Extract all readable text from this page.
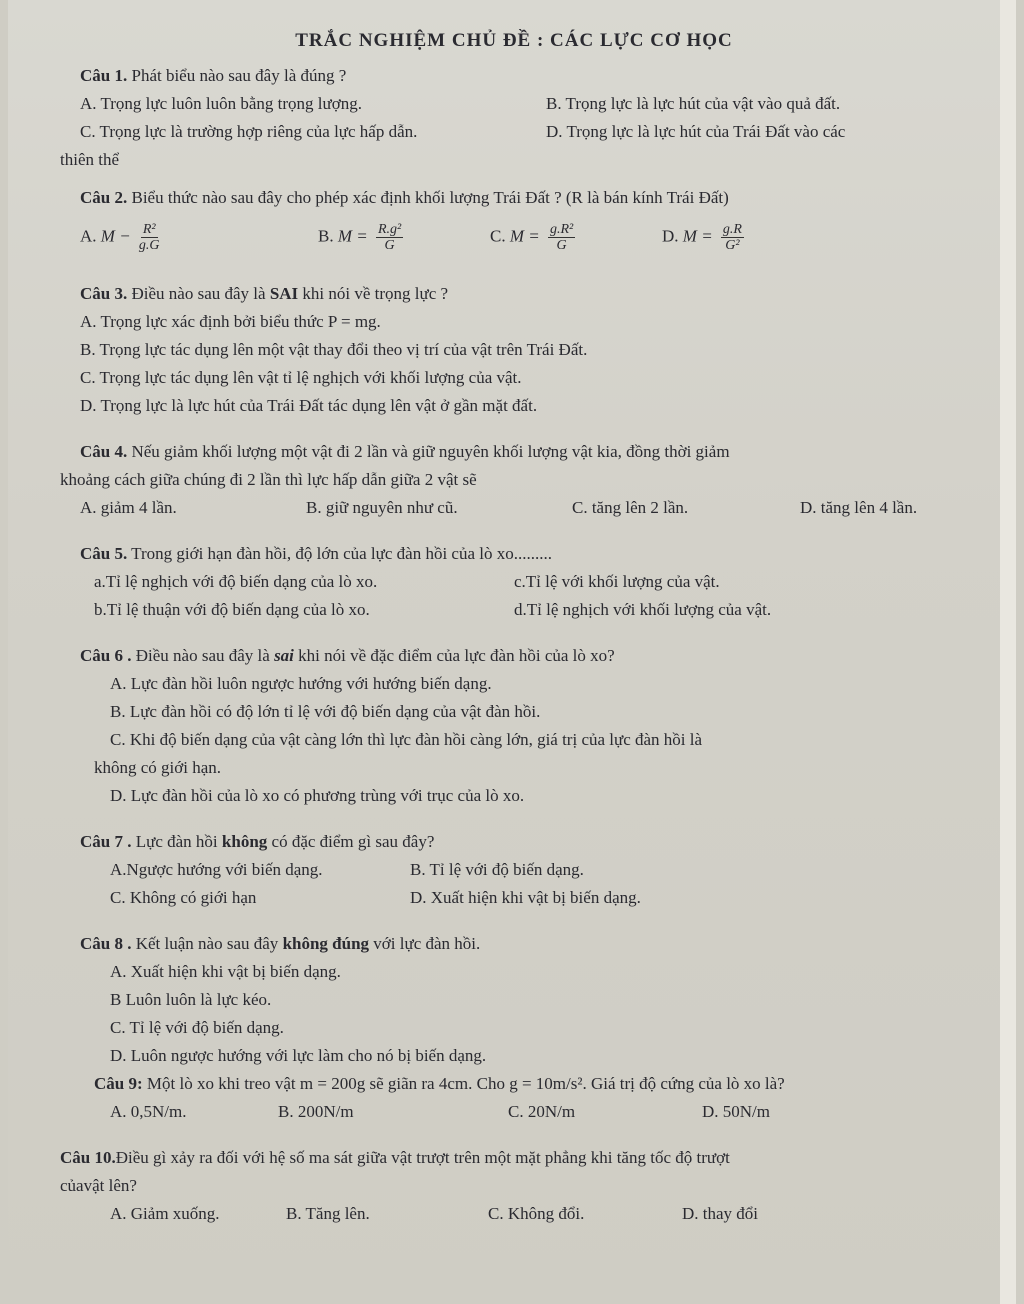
TRẮC NGHIỆM CHỦ ĐỀ : CÁC LỰC CƠ HỌC
Câu 1. Phát biểu nào sau đây là đúng ?
A. Trọng lực luôn luôn bằng trọng lượng.	B. Trọng lực là lực hút của vật vào quả đất.
C. Trọng lực là trường hợp riêng của lực hấp dẫn.	D. Trọng lực là lực hút của Trái Đất vào các
thiên thể
Câu 2. Biểu thức nào sau đây cho phép xác định khối lượng Trái Đất ? (R là bán kính Trái Đất)
A. $M - \frac{\text{R²}}{g.G}$	B. $M = \frac{\text{R.g²}}{G}$	C. $M = \frac{\text{g.R²}}{G}$	D. $M = \frac{g.R}{\text{G²}}$
Câu 3. Điều nào sau đây là SAI khi nói về trọng lực ?
A. Trọng lực xác định bởi biểu thức P = mg.
B. Trọng lực tác dụng lên một vật thay đổi theo vị trí của vật trên Trái Đất.
C. Trọng lực tác dụng lên vật tỉ lệ nghịch với khối lượng của vật.
D. Trọng lực là lực hút của Trái Đất tác dụng lên vật ở gần mặt đất.
Câu 4. Nếu giảm khối lượng một vật đi 2 lần và giữ nguyên khối lượng vật kia, đồng thời giảm
khoảng cách giữa chúng đi 2 lần thì lực hấp dẫn giữa 2 vật sẽ
A. giảm 4 lần.	B. giữ nguyên như cũ.	C. tăng lên 2 lần.	D. tăng lên 4 lần.
Câu 5. Trong giới hạn đàn hồi, độ lớn của lực đàn hồi của lò xo.........
a.Tỉ lệ nghịch với độ biến dạng của lò xo.	c.Tỉ lệ với khối lượng của vật.
b.Tỉ lệ thuận với độ biến dạng của lò xo.	d.Tỉ lệ nghịch với khối lượng của vật.
Câu 6 . Điều nào sau đây là sai khi nói về đặc điểm của lực đàn hồi của lò xo?
A. Lực đàn hồi luôn ngược hướng với hướng biến dạng.
B. Lực đàn hồi có độ lớn tỉ lệ với độ biến dạng của vật đàn hồi.
C. Khi độ biến dạng của vật càng lớn thì lực đàn hồi càng lớn, giá trị của lực đàn hồi là
không có giới hạn.
D. Lực đàn hồi của lò xo có phương trùng với trục của lò xo.
Câu 7 . Lực đàn hồi không có đặc điểm gì sau đây?
A.Ngược hướng với biến dạng.	B. Tỉ lệ với độ biến dạng.
C. Không có giới hạn	D. Xuất hiện khi vật bị biến dạng.
Câu 8 . Kết luận nào sau đây không đúng với lực đàn hồi.
A. Xuất hiện khi vật bị biến dạng.
B Luôn luôn là lực kéo.
C. Tỉ lệ với độ biến dạng.
D. Luôn ngược hướng với lực làm cho nó bị biến dạng.
Câu 9: Một lò xo khi treo vật m = 200g sẽ giãn ra 4cm. Cho g = 10m/s². Giá trị độ cứng của lò xo là?
A. 0,5N/m.	B. 200N/m	C. 20N/m	D. 50N/m
Câu 10.Điều gì xảy ra đối với hệ số ma sát giữa vật trượt trên một mặt phẳng khi tăng tốc độ trượt
củavật lên?
A. Giảm xuống.	B. Tăng lên.	C. Không đổi.	D. thay đổi
